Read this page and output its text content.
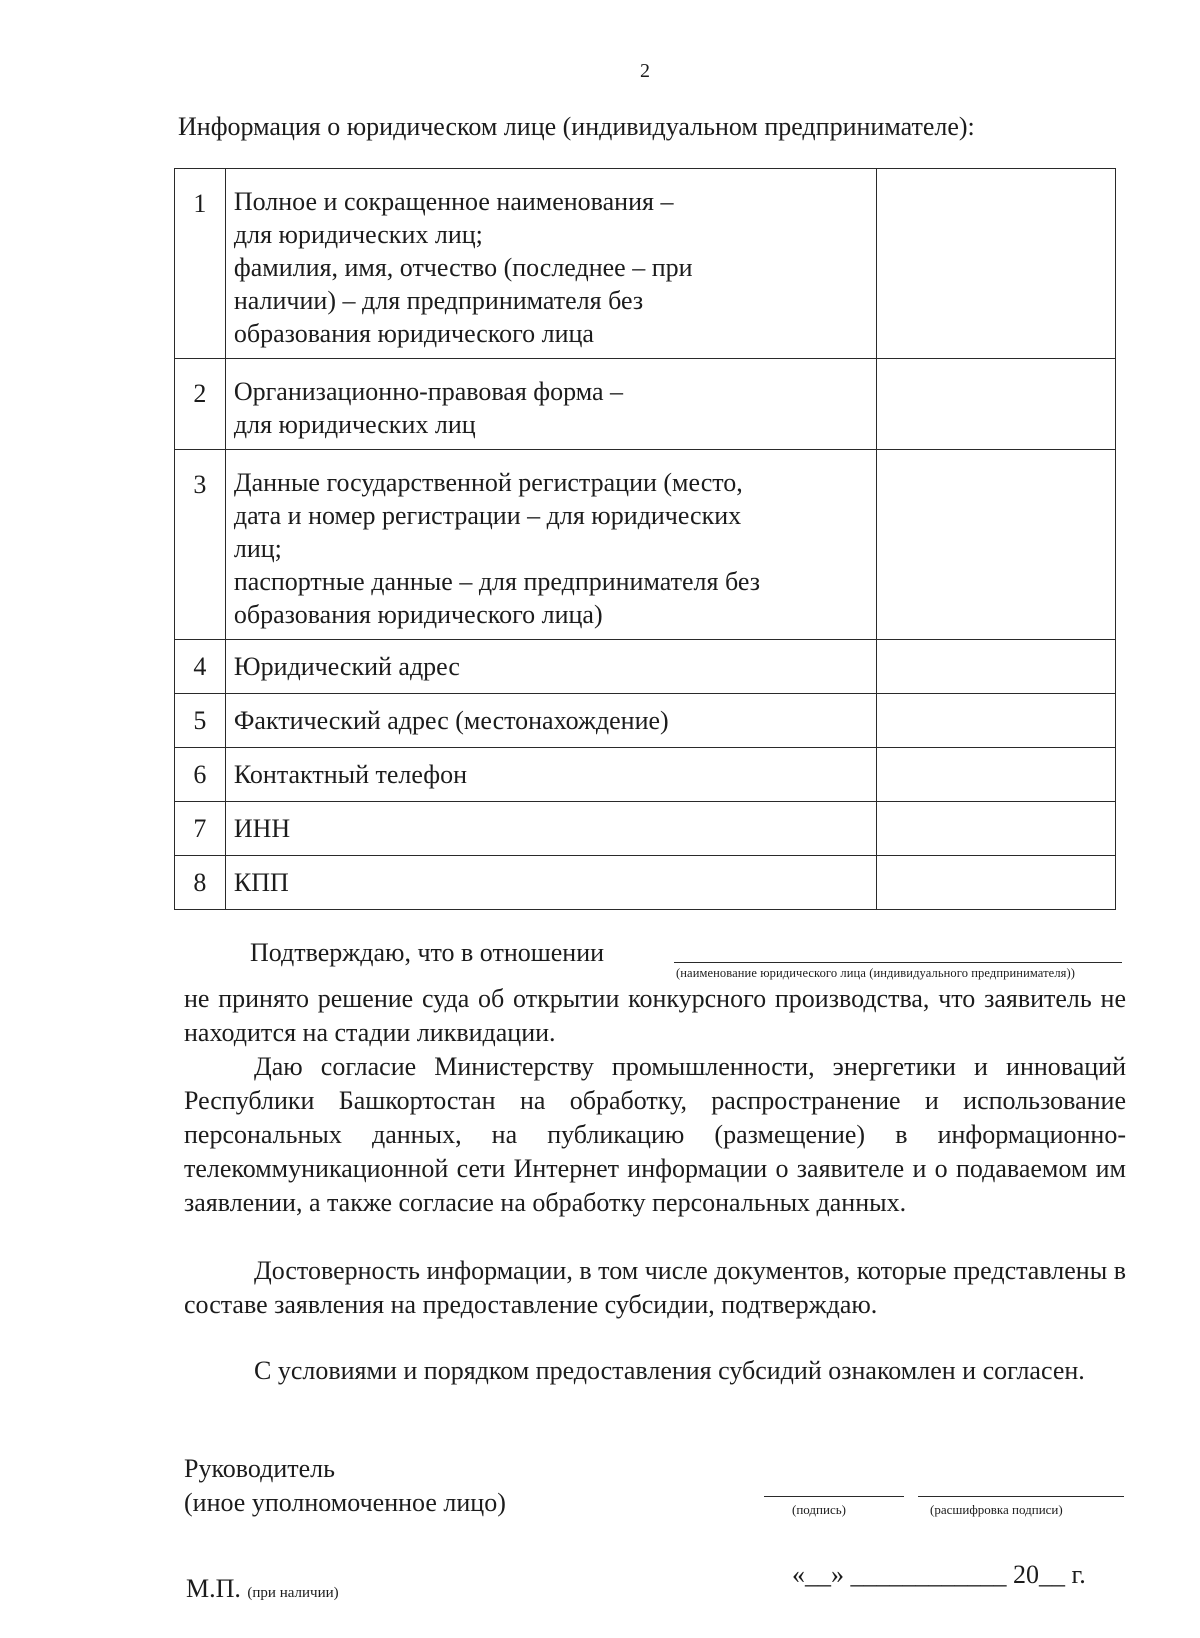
2
Информация о юридическом лице (индивидуальном предпринимателе):
1	Полное и сокращенное наименования –
для юридических лиц;
фамилия, имя, отчество (последнее – при
наличии) – для предпринимателя без
образования юридического лица	

2	Организационно-правовая форма –
для юридических лиц	

3	Данные государственной регистрации (место,
дата и номер регистрации – для юридических
лиц;
паспортные данные – для предпринимателя без
образования юридического лица)	

4	Юридический адрес	

5	Фактический адрес (местонахождение)	

6	Контактный телефон	

7	ИНН	

8	КПП	

Подтверждаю, что в отношении
(наименование юридического лица (индивидуального предпринимателя))

не принято решение суда об открытии конкурсного производства, что заявитель не находится на стадии ликвидации.

Даю согласие Министерству промышленности, энергетики и инноваций Республики Башкортостан на обработку, распространение и использование персональных данных, на публикацию (размещение) в информационно-телекоммуникационной сети Интернет информации о заявителе и о подаваемом им заявлении, а также согласие на обработку персональных данных.

Достоверность информации, в том числе документов, которые представлены в составе заявления на предоставление субсидии, подтверждаю.

С условиями и порядком предоставления субсидий ознакомлен и согласен.

Руководитель
(иное уполномоченное лицо)	(подпись)	(расшифровка подписи)
М.П. (при наличии)
«__» ____________ 20__ г.
